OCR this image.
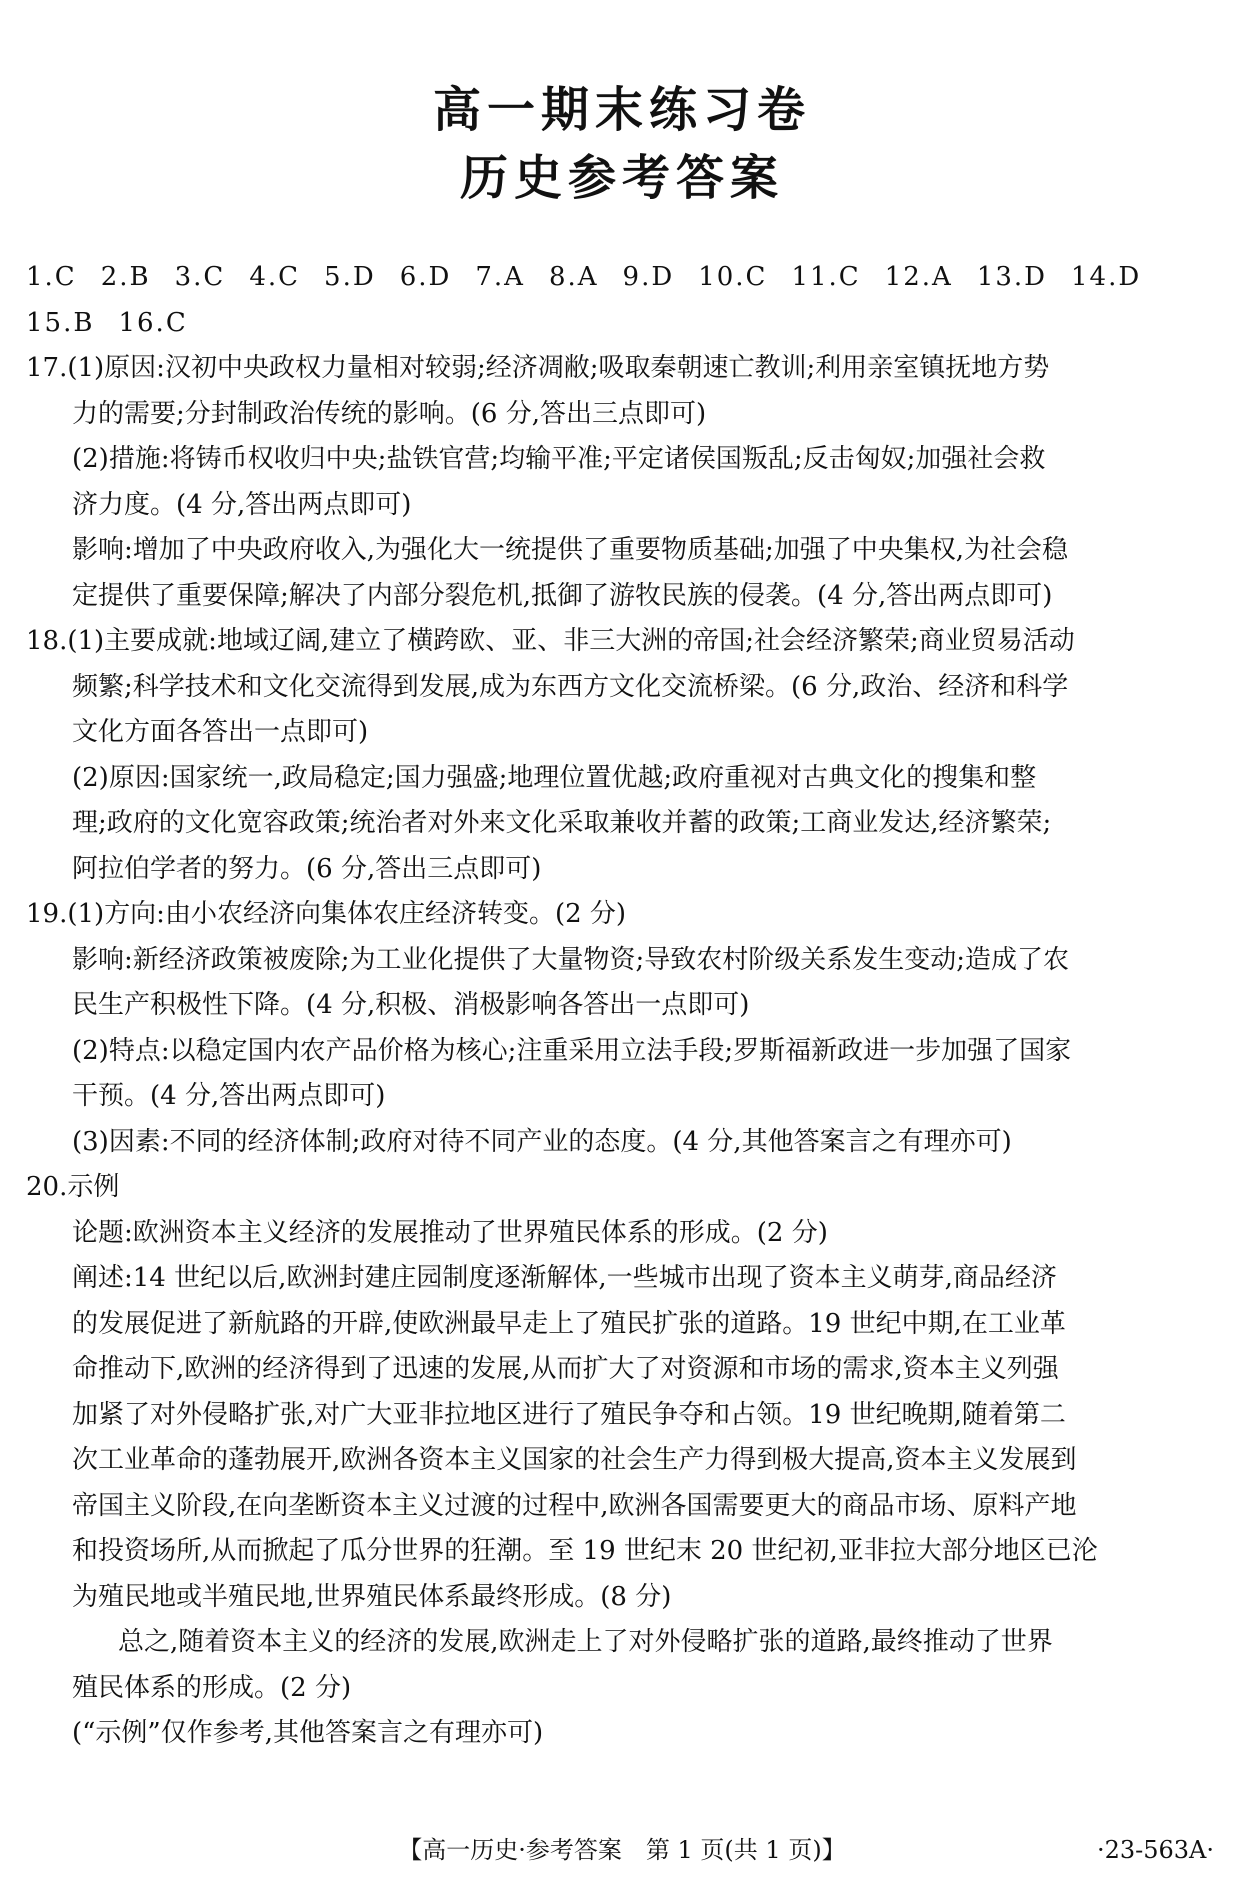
高一期末练习卷
历史参考答案
1.C 2.B 3.C 4.C 5.D 6.D 7.A 8.A 9.D 10.C 11.C 12.A 13.D 14.D
15.B 16.C
17.(1)原因:汉初中央政权力量相对较弱;经济凋敝;吸取秦朝速亡教训;利用亲室镇抚地方势
力的需要;分封制政治传统的影响。(6 分,答出三点即可)
(2)措施:将铸币权收归中央;盐铁官营;均输平准;平定诸侯国叛乱;反击匈奴;加强社会救
济力度。(4 分,答出两点即可)
影响:增加了中央政府收入,为强化大一统提供了重要物质基础;加强了中央集权,为社会稳
定提供了重要保障;解决了内部分裂危机,抵御了游牧民族的侵袭。(4 分,答出两点即可)
18.(1)主要成就:地域辽阔,建立了横跨欧、亚、非三大洲的帝国;社会经济繁荣;商业贸易活动
频繁;科学技术和文化交流得到发展,成为东西方文化交流桥梁。(6 分,政治、经济和科学
文化方面各答出一点即可)
(2)原因:国家统一,政局稳定;国力强盛;地理位置优越;政府重视对古典文化的搜集和整
理;政府的文化宽容政策;统治者对外来文化采取兼收并蓄的政策;工商业发达,经济繁荣;
阿拉伯学者的努力。(6 分,答出三点即可)
19.(1)方向:由小农经济向集体农庄经济转变。(2 分)
影响:新经济政策被废除;为工业化提供了大量物资;导致农村阶级关系发生变动;造成了农
民生产积极性下降。(4 分,积极、消极影响各答出一点即可)
(2)特点:以稳定国内农产品价格为核心;注重采用立法手段;罗斯福新政进一步加强了国家
干预。(4 分,答出两点即可)
(3)因素:不同的经济体制;政府对待不同产业的态度。(4 分,其他答案言之有理亦可)
20.示例
论题:欧洲资本主义经济的发展推动了世界殖民体系的形成。(2 分)
阐述:14 世纪以后,欧洲封建庄园制度逐渐解体,一些城市出现了资本主义萌芽,商品经济
的发展促进了新航路的开辟,使欧洲最早走上了殖民扩张的道路。19 世纪中期,在工业革
命推动下,欧洲的经济得到了迅速的发展,从而扩大了对资源和市场的需求,资本主义列强
加紧了对外侵略扩张,对广大亚非拉地区进行了殖民争夺和占领。19 世纪晚期,随着第二
次工业革命的蓬勃展开,欧洲各资本主义国家的社会生产力得到极大提高,资本主义发展到
帝国主义阶段,在向垄断资本主义过渡的过程中,欧洲各国需要更大的商品市场、原料产地
和投资场所,从而掀起了瓜分世界的狂潮。至 19 世纪末 20 世纪初,亚非拉大部分地区已沦
为殖民地或半殖民地,世界殖民体系最终形成。(8 分)
总之,随着资本主义的经济的发展,欧洲走上了对外侵略扩张的道路,最终推动了世界
殖民体系的形成。(2 分)
(“示例”仅作参考,其他答案言之有理亦可)
【高一历史·参考答案　第 1 页(共 1 页)】	·23-563A·
